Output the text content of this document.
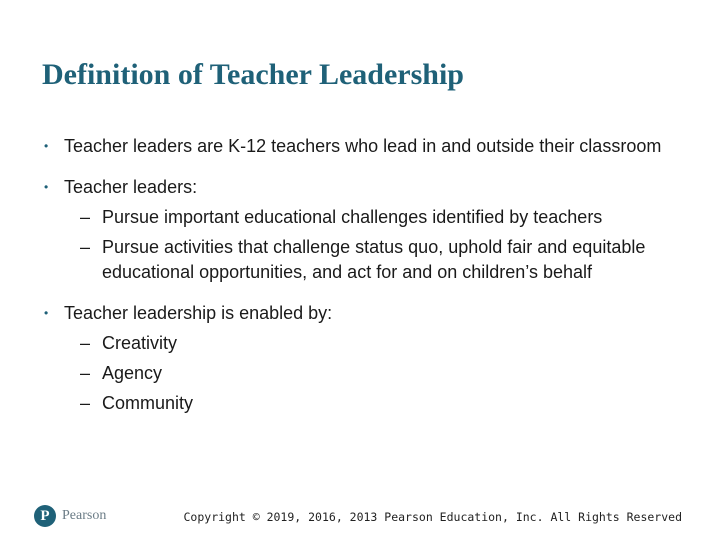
Definition of Teacher Leadership
• Teacher leaders are K-12 teachers who lead in and outside their classroom
• Teacher leaders:
– Pursue important educational challenges identified by teachers
– Pursue activities that challenge status quo, uphold fair and equitable educational opportunities, and act for and on children’s behalf
• Teacher leadership is enabled by:
– Creativity
– Agency
– Community
P Pearson	Copyright © 2019, 2016, 2013 Pearson Education, Inc. All Rights Reserved
